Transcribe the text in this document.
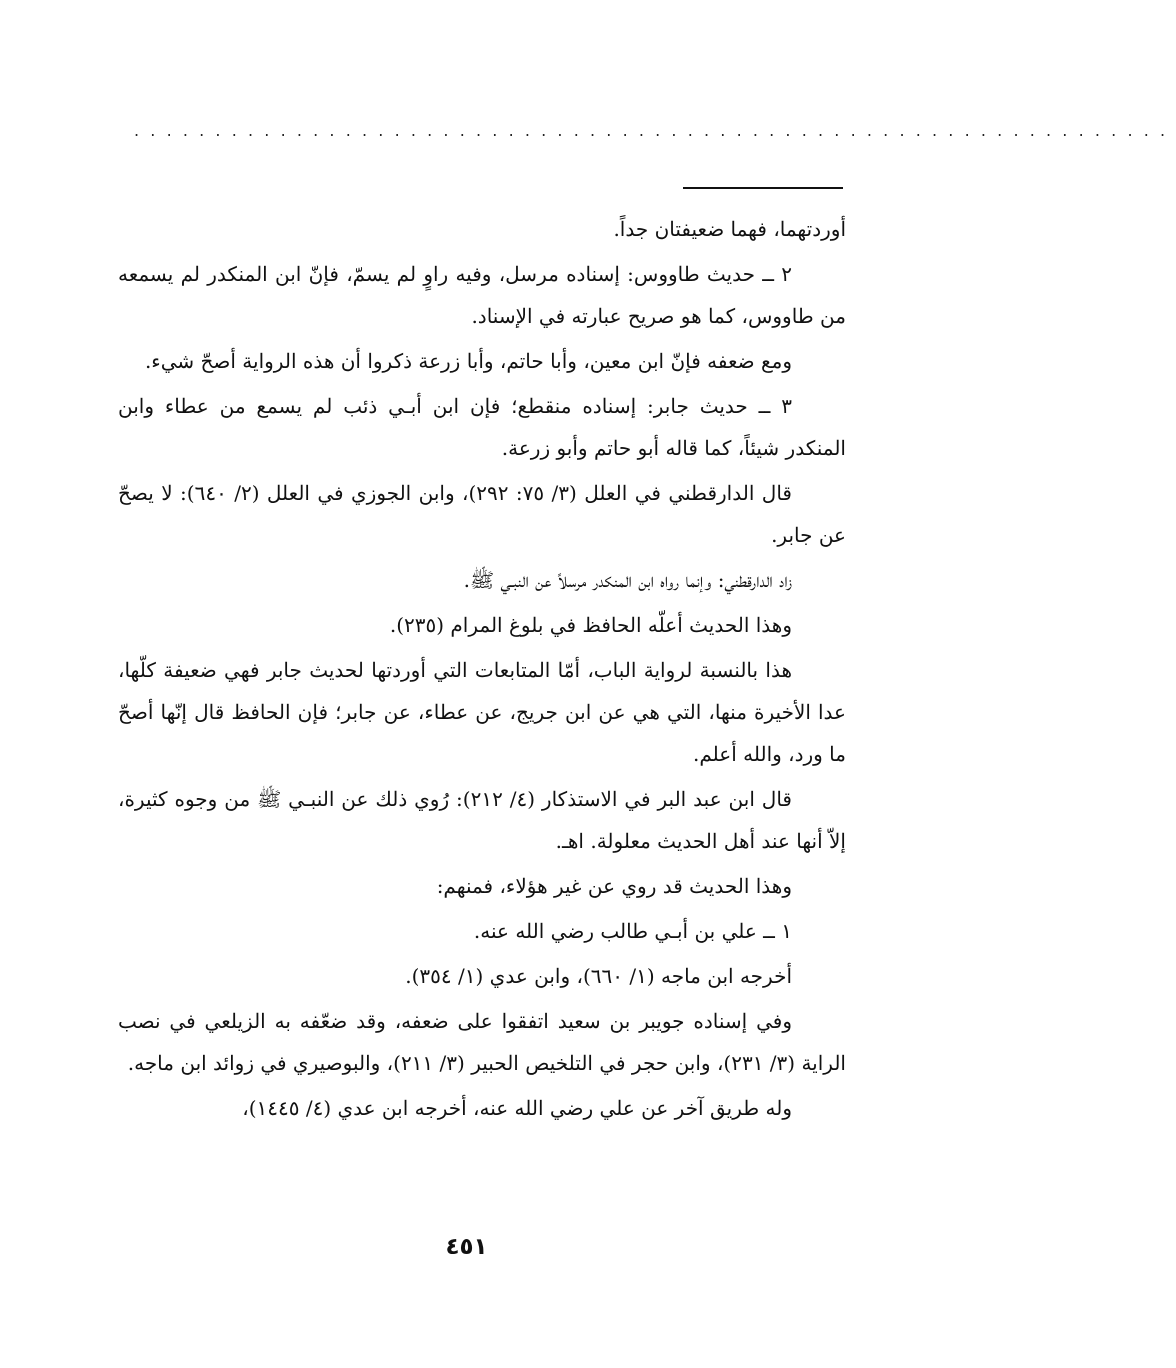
................................................................

أوردتهما، فهما ضعيفتان جداً.

٢ ــ حديث طاووس: إسناده مرسل، وفيه راوٍ لم يسمّ، فإنّ ابن المنكدر لم يسمعه من طاووس، كما هو صريح عبارته في الإسناد.

ومع ضعفه فإنّ ابن معين، وأبا حاتم، وأبا زرعة ذكروا أن هذه الرواية أصحّ شيء.

٣ ــ حديث جابر: إسناده منقطع؛ فإن ابن أبـي ذئب لم يسمع من عطاء وابن المنكدر شيئاً، كما قاله أبو حاتم وأبو زرعة.

قال الدارقطني في العلل (٣/ ٧٥: ٢٩٢)، وابن الجوزي في العلل (٢/ ٦٤٠): لا يصحّ عن جابر.

زاد الدارقطني: وإنما رواه ابن المنكدر مرسلاً عن النبـي ﷺ.

وهذا الحديث أعلّه الحافظ في بلوغ المرام (٢٣٥).

هذا بالنسبة لرواية الباب، أمّا المتابعات التي أوردتها لحديث جابر فهي ضعيفة كلّها، عدا الأخيرة منها، التي هي عن ابن جريج، عن عطاء، عن جابر؛ فإن الحافظ قال إنّها أصحّ ما ورد، والله أعلم.

قال ابن عبد البر في الاستذكار (٤/ ٢١٢): رُوي ذلك عن النبـي ﷺ من وجوه كثيرة، إلاّ أنها عند أهل الحديث معلولة. اهـ.

وهذا الحديث قد روي عن غير هؤلاء، فمنهم:

١ ــ علي بن أبـي طالب رضي الله عنه.

أخرجه ابن ماجه (١/ ٦٦٠)، وابن عدي (١/ ٣٥٤).

وفي إسناده جويبر بن سعيد اتفقوا على ضعفه، وقد ضعّفه به الزيلعي في نصب الراية (٣/ ٢٣١)، وابن حجر في التلخيص الحبير (٣/ ٢١١)، والبوصيري في زوائد ابن ماجه.

وله طريق آخر عن علي رضي الله عنه، أخرجه ابن عدي (٤/ ١٤٤٥)،

٤٥١
